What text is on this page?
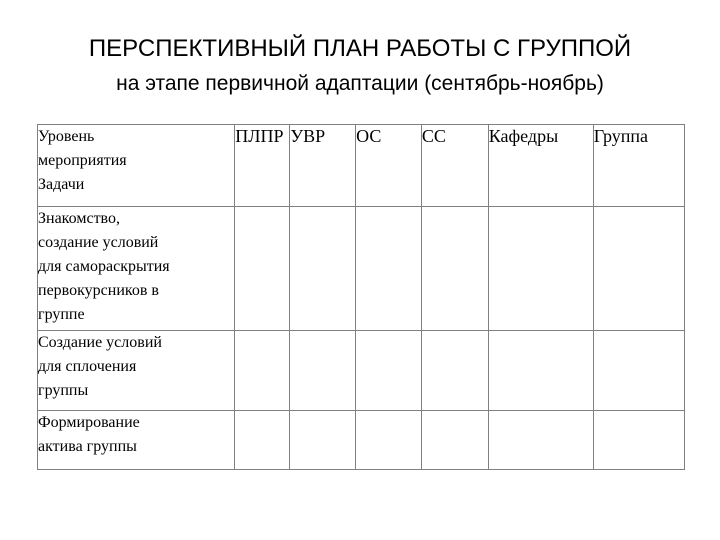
ПЕРСПЕКТИВНЫЙ ПЛАН РАБОТЫ С ГРУППОЙ
на этапе первичной адаптации (сентябрь-ноябрь)
Уровень
мероприятия
Задачи	ПЛПР	УВР	ОС	СС	Кафедры	Группа

Знакомство,
создание условий
для самораскрытия
первокурсников в
группе						

Создание условий
для сплочения
группы						

Формирование
актива группы						
